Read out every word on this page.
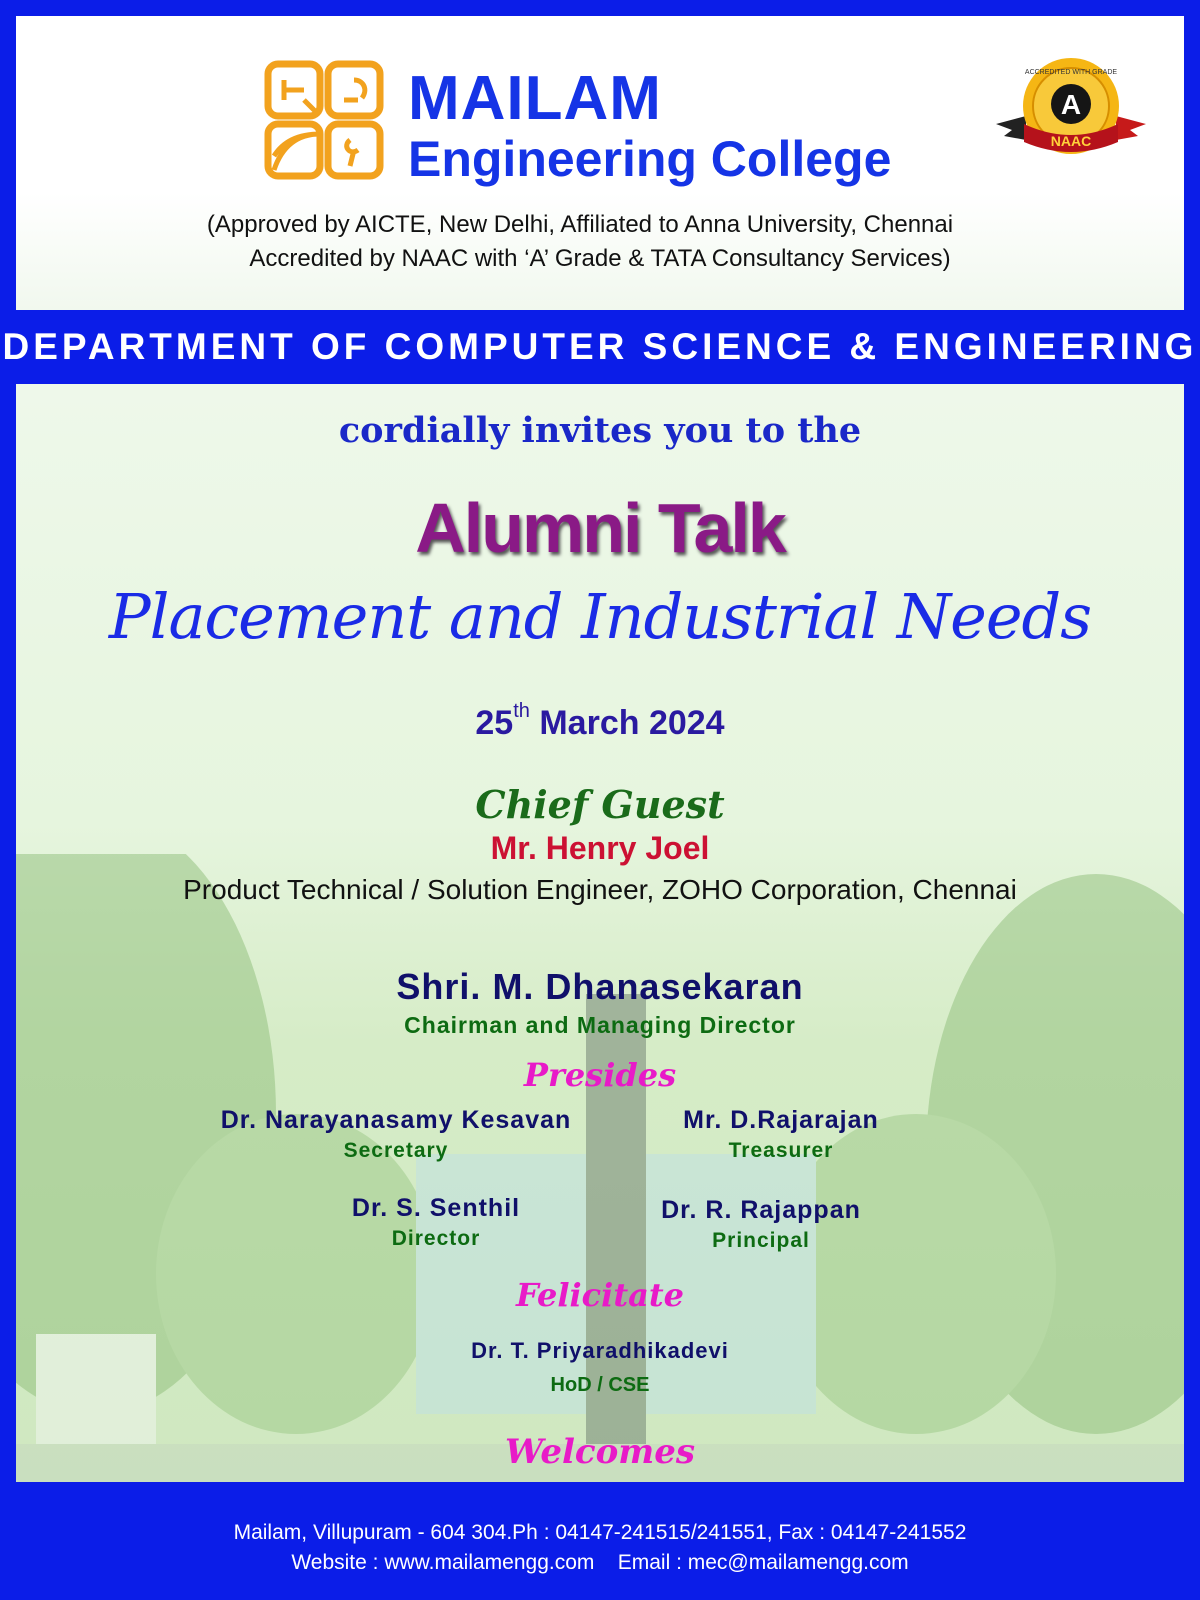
MAILAM
Engineering College
A
ACCREDITED WITH GRADE
NAAC
(Approved by AICTE, New Delhi, Affiliated to Anna University, Chennai
Accredited by NAAC with ‘A’ Grade & TATA Consultancy Services)
DEPARTMENT OF COMPUTER SCIENCE & ENGINEERING
cordially invites you to the
Alumni Talk
Placement and Industrial Needs
25th March 2024
Chief Guest
Mr. Henry Joel
Product Technical / Solution Engineer, ZOHO Corporation, Chennai
Shri. M. Dhanasekaran
Chairman and Managing Director
Presides
Dr. Narayanasamy Kesavan
Secretary
Mr. D.Rajarajan
Treasurer
Dr. S. Senthil
Director
Dr. R. Rajappan
Principal
Felicitate
Dr. T. Priyaradhikadevi
HoD / CSE
Welcomes
Mailam, Villupuram - 604 304.Ph : 04147-241515/241551, Fax : 04147-241552
Website : www.mailamengg.com Email : mec@mailamengg.com
